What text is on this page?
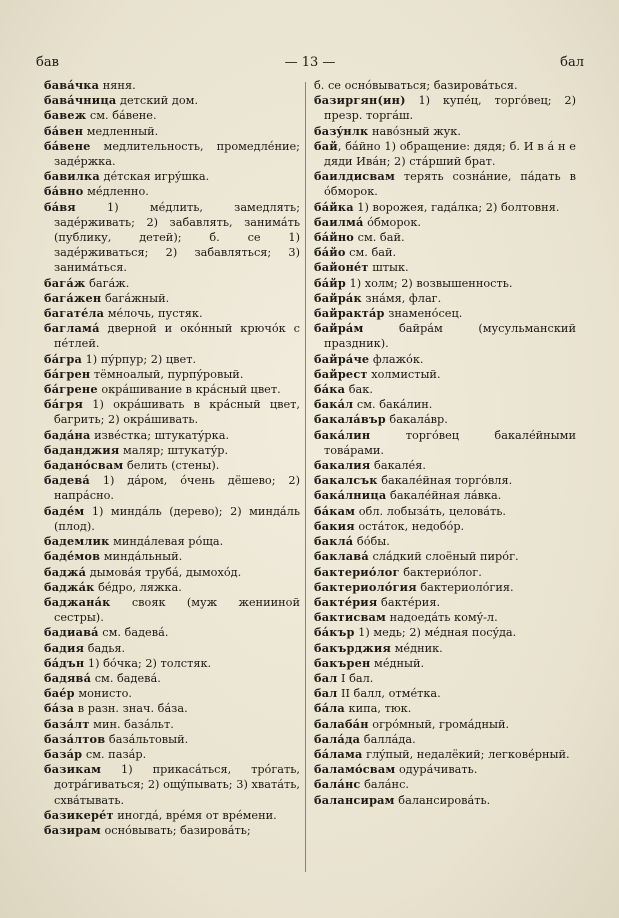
бав	— 13 —	бал

бавáчка няня.

бавáчница детский дом.

бавеж см. бáвене.

бáвен медленный.

бáвене медлительность, промедлéние; задéржка.

бавилка дéтская игрýшка.

бáвно мéдленно.

бáвя 1) мéдлить, замедлять; задéрживать; 2) забавлять, занимáть (публику, детей); б. се 1) задéрживаться; 2) забавляться; 3) занимáться.

багáж багáж.

багáжен багáжный.

багатéла мéлочь, пустяк.

багламá дверной и окóнный крючóк с пéтлей.

бáгра 1) пýрпур; 2) цвет.

бáгрен тёмноалый, пурпýровый.

бáгрене окрáшивание в крáсный цвет.

бáгря 1) окрáшивать в крáсный цвет, багрить; 2) окрáшивать.

бадáна извéстка; штукатýрка.

баданджия маляр; штукатýр.

баданóсвам белить (стены).

бадевá 1) дáром, óчень дёшево; 2) напрáсно.

бадéм 1) миндáль (дерево); 2) миндáль (плод).

бадемлик миндáлевая рóща.

бадéмов миндáльный.

баджá дымовáя трубá, дымохóд.

баджáк бéдро, ляжка.

баджанáк свояк (муж женииной сестры).

бадиавá см. бадевá.

бадия бадья.

бáдън 1) бóчка; 2) толстяк.

бадявá см. бадевá.

баéр монисто.

бáза в разн. знач. бáза.

базáлт мин. базáльт.

базáлтов базáльтовый.

базáр см. пазáр.

базикам 1) прикасáться, трóгать, дотрáгиваться; 2) ощýпывать; 3) хватáть, схвáтывать.

базикерéт иногдá, врéмя от врéмени.

базирам оснóвывать; базировáть;

б. се оснóвываться; базировáться.

базиргян(ин) 1) купéц, торгóвец; 2) презр. торгáш.

базýнлк навóзный жук.

бай, бáйно 1) обращение: дядя; б. И в á н е дяди Ивáн; 2) стáрший брат.

баилдисвам терять сознáние, пáдать в óбморок.

бáйка 1) ворожея, гадáлка; 2) болтовня.

баилмá óбморок.

бáйно см. бай.

бáйо см. бай.

байонéт штык.

бáйр 1) холм; 2) возвышенность.

байрáк знáмя, флаг.

байрактáр знаменóсец.

байрáм байрáм (мусульманский праздник).

байрáче флажóк.

байрест холмистый.

бáка бак.

бакáл см. бакáлин.

бакалáвър бакалáвр.

бакáлин торгóвец бакалéйными товáрами.

бакалия бакалéя.

бакалсък бакалéйная торгóвля.

бакáлница бакалéйная лáвка.

бáкам обл. лобызáть, целовáть.

бакия остáток, недобóр.

баклá бóбы.

баклавá слáдкий слоёный пирóг.

бактериóлог бактериóлог.

бактериолóгия бактериолóгия.

бактéрия бактéрия.

бактисвам надоедáть комý-л.

бáкър 1) медь; 2) мéдная посýда.

бакърджия мéдник.

бакърен мéдный.

бал I бал.

бал II балл, отмéтка.

бáла кипа, тюк.

балабáн огрóмный, громáдный.

балáда баллáда.

бáлама глýпый, недалёкий; легковéрный.

баламóсвам одурáчивать.

балáнс балáнс.

балансирам балансировáть.
